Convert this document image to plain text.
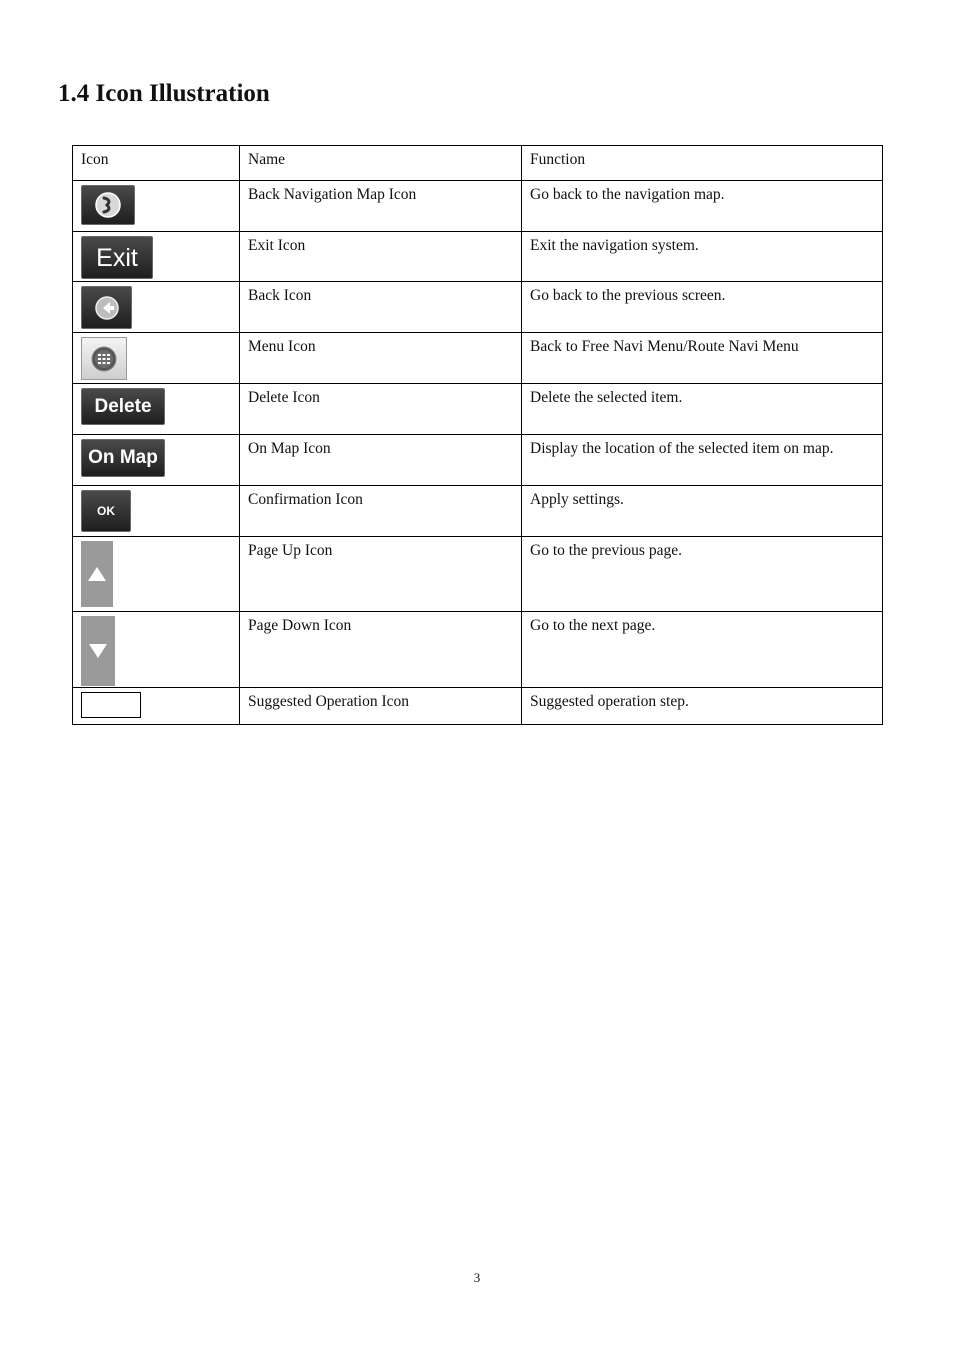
1.4 Icon Illustration
Icon	Name	Function

	Back Navigation Map Icon	Go back to the navigation map.

Exit	Exit Icon	Exit the navigation system.

	Back Icon	Go back to the previous screen.

	Menu Icon	Back to Free Navi Menu/Route Navi Menu

Delete	Delete Icon	Delete the selected item.

On Map	On Map Icon	Display the location of the selected item on map.

OK	Confirmation Icon	Apply settings.

	Page Up Icon	Go to the previous page.

	Page Down Icon	Go to the next page.

	Suggested Operation Icon	Suggested operation step.
3
